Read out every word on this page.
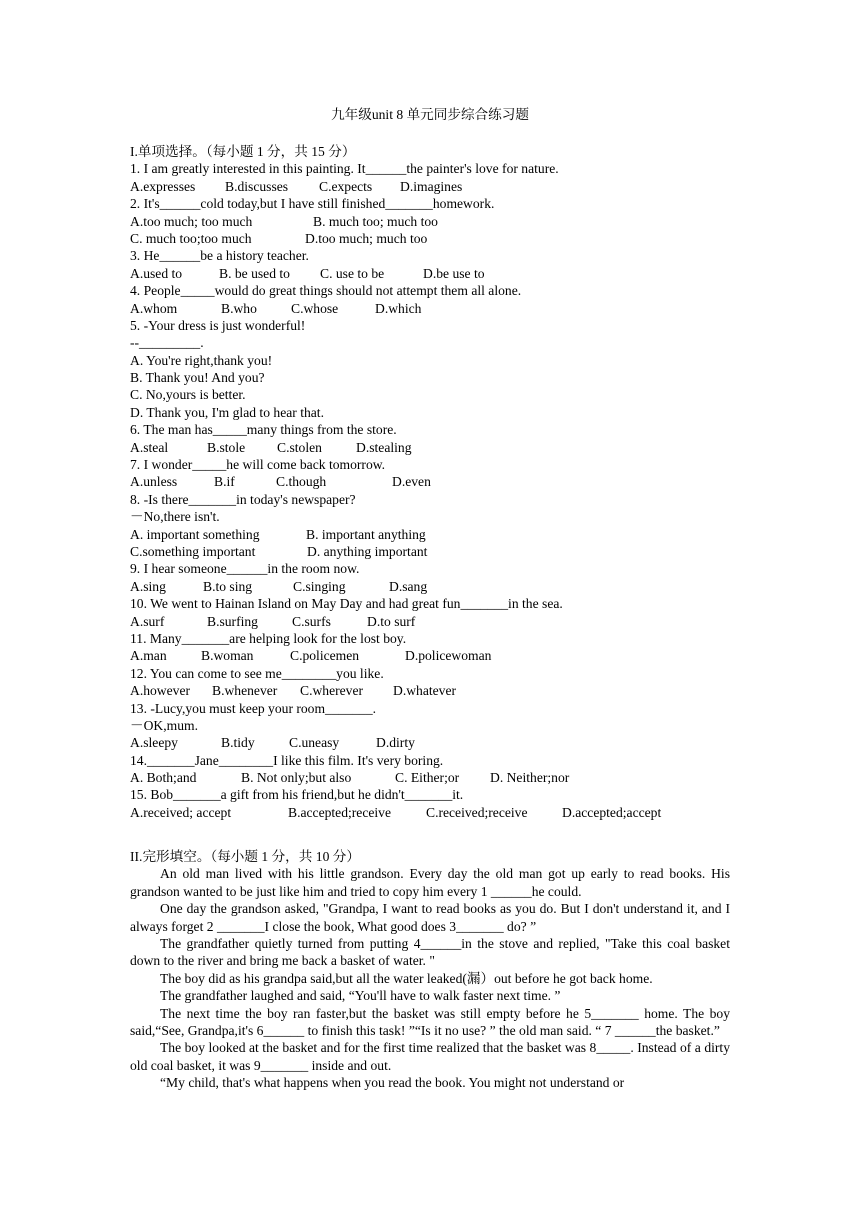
九年级unit 8 单元同步综合练习题
I.单项选择。（每小题 1 分，共 15 分）
1. I am greatly interested in this painting. It______the painter's love for nature.
A.expresses B.discusses C.expects D.imagines
2. It's______cold today,but I have still finished_______homework.
A.too much; too much	B. much too; much too
C. much too;too much	D.too much; much too
3. He______be a history teacher.
A.used to	B. be used to C. use to be	D.be use to
4. People_____would do great things should not attempt them all alone.
A.whom	B.who	C.whose	D.which
5. -Your dress is just wonderful!
--_________.
A. You're right,thank you!
B. Thank you! And you?
C. No,yours is better.
D. Thank you, I'm glad to hear that.
6. The man has_____many things from the store.
A.steal	B.stole C.stolen	D.stealing
7. I wonder_____he will come back tomorrow.
A.unless	B.if	C.though	D.even
8. -Is there_______in today's newspaper?
－No,there isn't.
A. important something	B. important anything
C.something important	D. anything important
9. I hear someone______in the room now.
A.sing	B.to sing	C.singing	D.sang
10. We went to Hainan Island on May Day and had great fun_______in the sea.
A.surf	B.surfing	C.surfs	D.to surf
11. Many_______are helping look for the lost boy.
A.man	B.woman	C.policemen	D.policewoman
12. You can come to see me________you like.
A.however B.whenever C.wherever D.whatever
13. -Lucy,you must keep your room_______.
－OK,mum.
A.sleepy	B.tidy	C.uneasy	D.dirty
14._______Jane________I like this film. It's very boring.
A. Both;and	B. Not only;but also	C. Either;or D. Neither;nor
15. Bob_______a gift from his friend,but he didn't_______it.
A.received; accept	B.accepted;receive	C.received;receive	D.accepted;accept
II.完形填空。（每小题 1 分，共 10 分）

An old man lived with his little grandson. Every day the old man got up early to read books. His grandson wanted to be just like him and tried to copy him every 1 ______he could.

One day the grandson asked, "Grandpa, I want to read books as you do. But I don't understand it, and I always forget 2 _______I close the book, What good does 3_______ do? ”

The grandfather quietly turned from putting 4______in the stove and replied, "Take this coal basket down to the river and bring me back a basket of water. "

The boy did as his grandpa said,but all the water leaked(漏）out before he got back home.

The grandfather laughed and said, “You'll have to walk faster next time. ”

The next time the boy ran faster,but the basket was still empty before he 5_______ home. The boy said,“See, Grandpa,it's 6______ to finish this task! ”“Is it no use? ” the old man said. “ 7 ______the basket.”

The boy looked at the basket and for the first time realized that the basket was 8_____. Instead of a dirty old coal basket, it was 9_______ inside and out.

“My child, that's what happens when you read the book. You might not understand or
